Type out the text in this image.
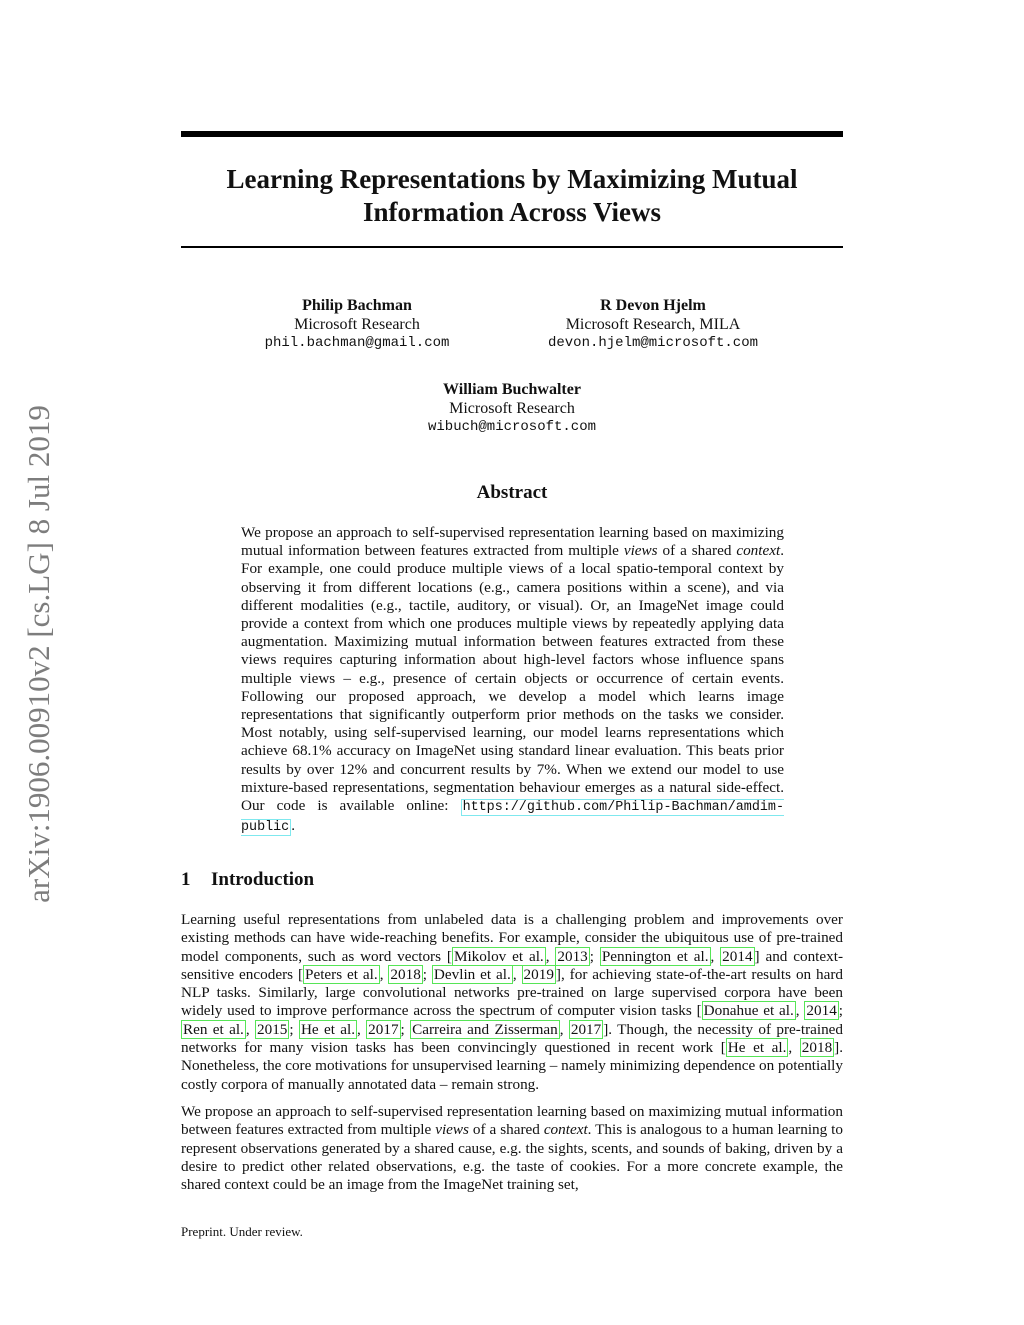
arXiv:1906.00910v2 [cs.LG] 8 Jul 2019
Learning Representations by Maximizing Mutual Information Across Views
Philip Bachman
Microsoft Research
phil.bachman@gmail.com
R Devon Hjelm
Microsoft Research, MILA
devon.hjelm@microsoft.com
William Buchwalter
Microsoft Research
wibuch@microsoft.com
Abstract

We propose an approach to self-supervised representation learning based on maximizing mutual information between features extracted from multiple views of a shared context. For example, one could produce multiple views of a local spatio-temporal context by observing it from different locations (e.g., camera positions within a scene), and via different modalities (e.g., tactile, auditory, or visual). Or, an ImageNet image could provide a context from which one produces multiple views by repeatedly applying data augmentation. Maximizing mutual information between features extracted from these views requires capturing information about high-level factors whose influence spans multiple views – e.g., presence of certain objects or occurrence of certain events. Following our proposed approach, we develop a model which learns image representations that significantly outperform prior methods on the tasks we consider. Most notably, using self-supervised learning, our model learns representations which achieve 68.1% accuracy on ImageNet using standard linear evaluation. This beats prior results by over 12% and concurrent results by 7%. When we extend our model to use mixture-based representations, segmentation behaviour emerges as a natural side-effect. Our code is available online: https://github.com/Philip-Bachman/amdim-public .

1 Introduction

Learning useful representations from unlabeled data is a challenging problem and improvements over existing methods can have wide-reaching benefits. For example, consider the ubiquitous use of pre-trained model components, such as word vectors [ Mikolov et al. , 2013 ; Pennington et al. , 2014 ] and context-sensitive encoders [ Peters et al. , 2018 ; Devlin et al. , 2019 ], for achieving state-of-the-art results on hard NLP tasks. Similarly, large convolutional networks pre-trained on large supervised corpora have been widely used to improve performance across the spectrum of computer vision tasks [ Donahue et al. , 2014 ; Ren et al. , 2015 ; He et al. , 2017 ; Carreira and Zisserman , 2017 ]. Though, the necessity of pre-trained networks for many vision tasks has been convincingly questioned in recent work [ He et al. , 2018 ]. Nonetheless, the core motivations for unsupervised learning – namely minimizing dependence on potentially costly corpora of manually annotated data – remain strong.

We propose an approach to self-supervised representation learning based on maximizing mutual information between features extracted from multiple views of a shared context. This is analogous to a human learning to represent observations generated by a shared cause, e.g. the sights, scents, and sounds of baking, driven by a desire to predict other related observations, e.g. the taste of cookies. For a more concrete example, the shared context could be an image from the ImageNet training set,

Preprint. Under review.
